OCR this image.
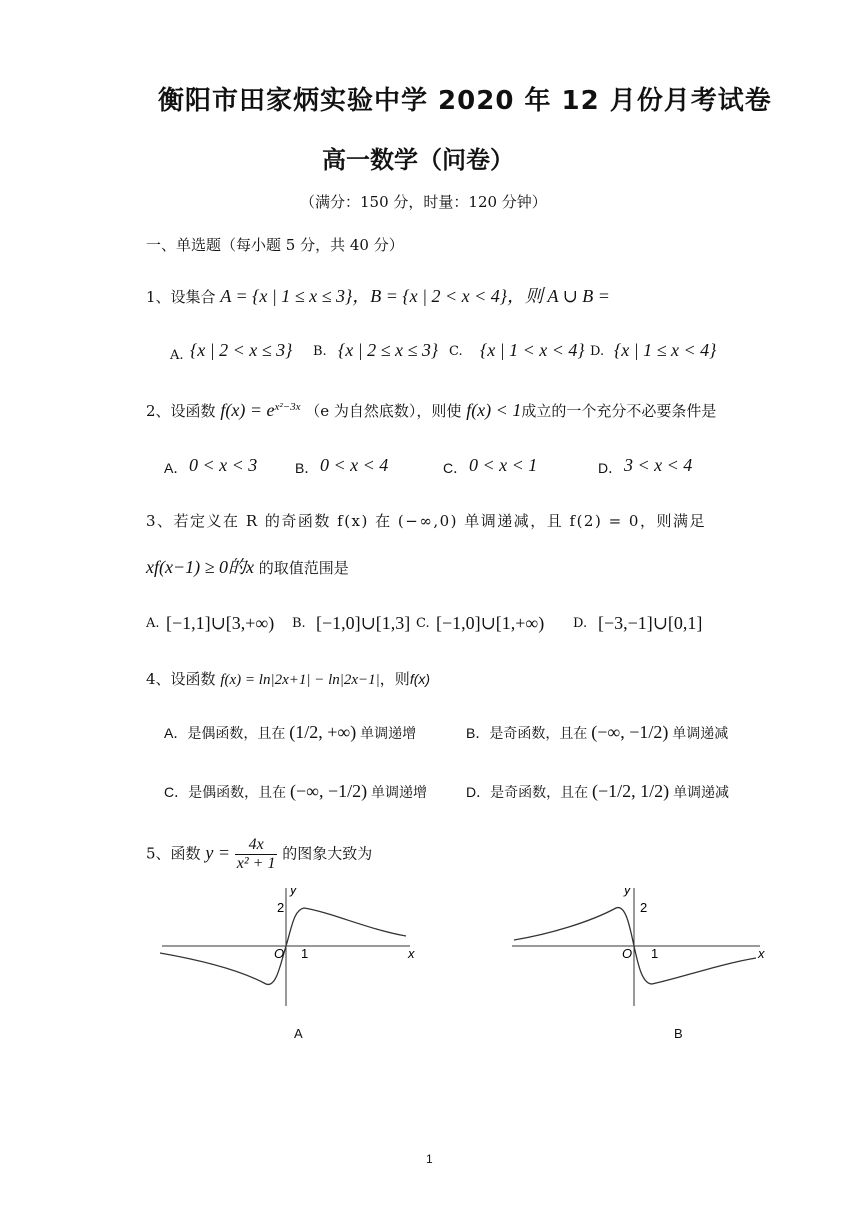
衡阳市田家炳实验中学 2020 年 12 月份月考试卷
高一数学（问卷）
（满分：150 分，时量：120 分钟）
一、单选题（每小题 5 分，共 40 分）
1、设集合 A = {x | 1 ≤ x ≤ 3}，B = {x | 2 < x < 4}，则 A ∪ B =
A. {x | 2 < x ≤ 3} B. {x | 2 ≤ x ≤ 3} C. {x | 1 < x < 4} D. {x | 1 ≤ x < 4}
2、设函数 $f(x) = e^{x^2-3x}$ （e 为自然底数），则使 f(x) < 1成立的一个充分不必要条件是
A． 0 < x < 3	B． 0 < x < 4	C． 0 < x < 1	D． 3 < x < 4
3、若定义在 R 的奇函数 f(x) 在 (−∞,0) 单调递减，且 f(2) = 0，则满足
xf(x−1) ≥ 0的x 的取值范围是
A. [−1,1]∪[3,+∞) B. [−1,0]∪[1,3] C. [−1,0]∪[1,+∞) D. [−3,−1]∪[0,1]
4、设函数 f(x) = ln|2x+1| − ln|2x−1|，则f(x)
A．是偶函数，且在 (1/2, +∞) 单调递增	B．是奇函数，且在 (−∞, −1/2) 单调递减
C．是偶函数，且在 (−∞, −1/2) 单调递增	D．是奇函数，且在 (−1/2, 1/2) 单调递减
5、函数 $y = \frac{4x}{\text{x² + 1}}$ 的图象大致为
x
y
O 1
2
A
x
y
O 1
2
B
1
